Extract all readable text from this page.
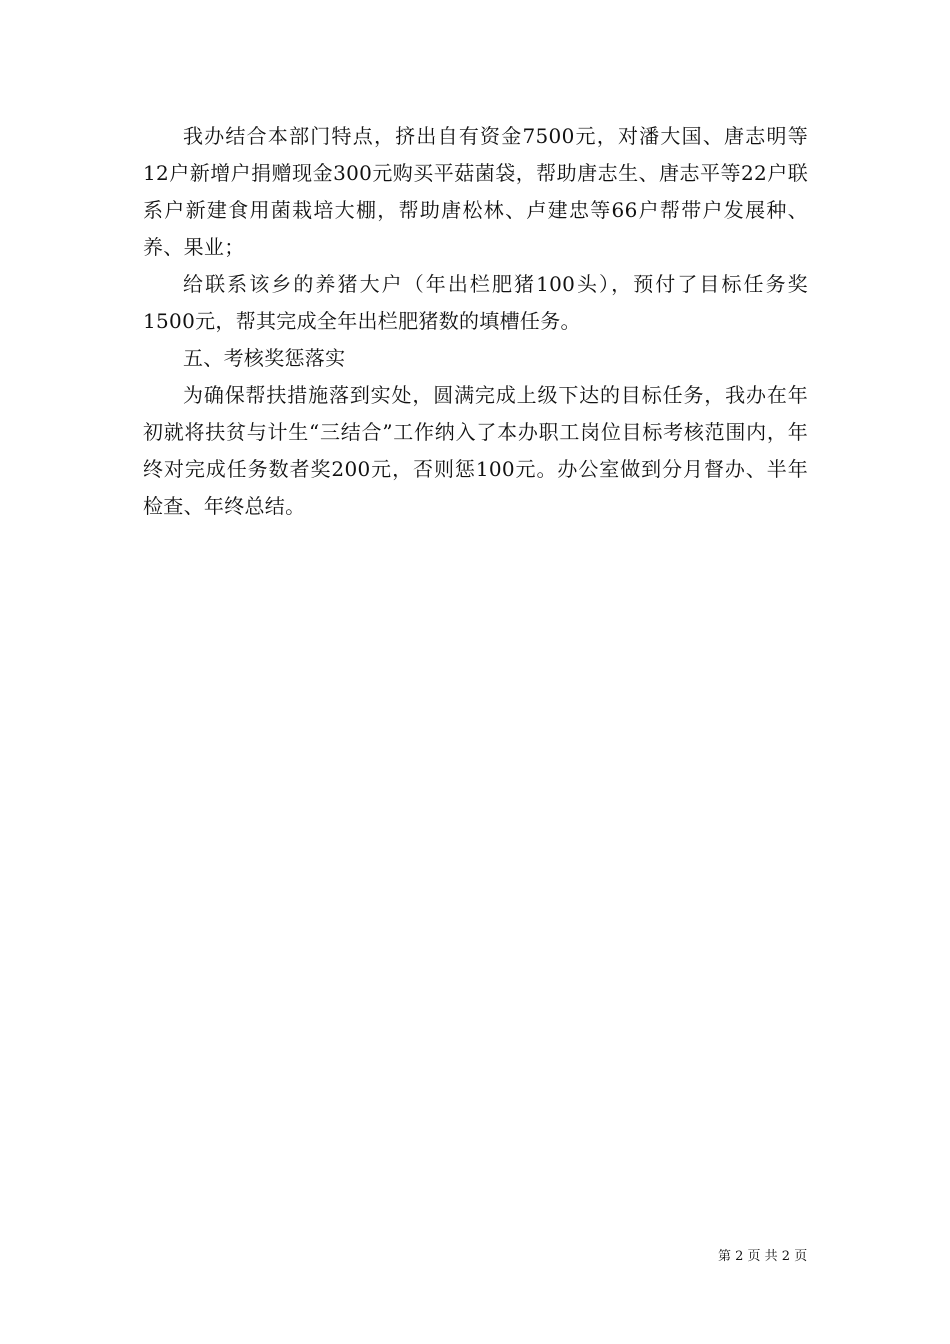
我办结合本部门特点，挤出自有资金7500元，对潘大国、唐志明等12户新增户捐赠现金300元购买平菇菌袋，帮助唐志生、唐志平等22户联系户新建食用菌栽培大棚，帮助唐松林、卢建忠等66户帮带户发展种、养、果业；

给联系该乡的养猪大户（年出栏肥猪100头），预付了目标任务奖1500元，帮其完成全年出栏肥猪数的填槽任务。

五、考核奖惩落实

为确保帮扶措施落到实处，圆满完成上级下达的目标任务，我办在年初就将扶贫与计生“三结合”工作纳入了本办职工岗位目标考核范围内，年终对完成任务数者奖200元，否则惩100元。办公室做到分月督办、半年检查、年终总结。

第 2 页 共 2 页
